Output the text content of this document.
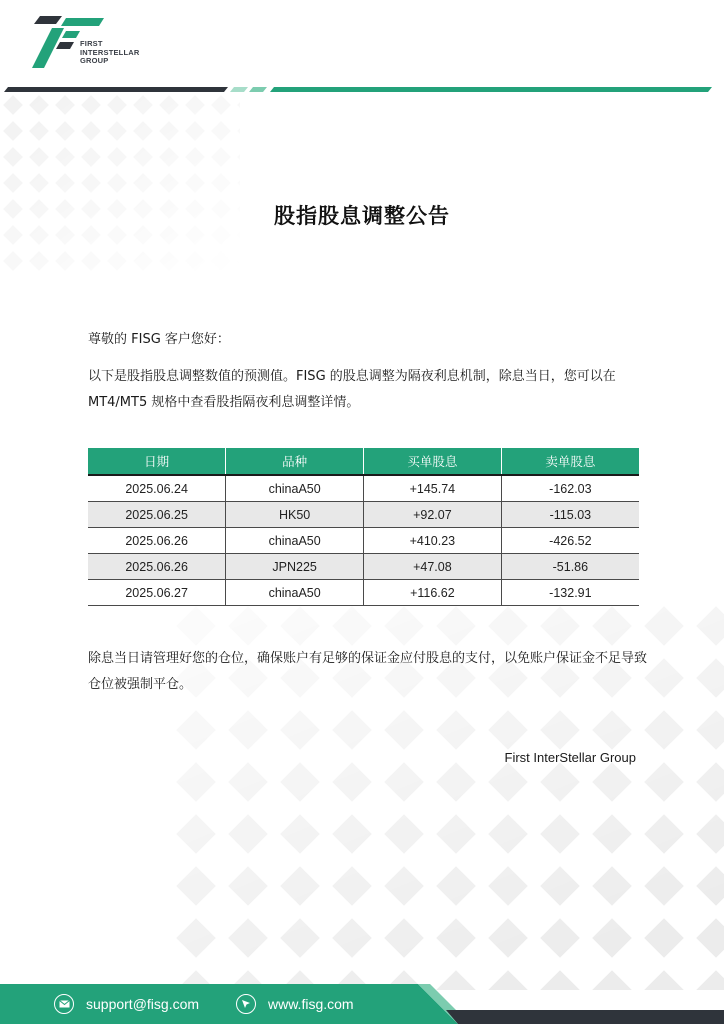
FIRST
INTERSTELLAR
GROUP
股指股息调整公告
尊敬的 FISG 客户您好：
以下是股指股息调整数值的预测值。FISG 的股息调整为隔夜利息机制，除息当日，您可以在 MT4/MT5 规格中查看股指隔夜利息调整详情。
日期	品种	买单股息	卖单股息
2025.06.24	chinaA50	+145.74	-162.03
2025.06.25	HK50	+92.07	-115.03
2025.06.26	chinaA50	+410.23	-426.52
2025.06.26	JPN225	+47.08	-51.86
2025.06.27	chinaA50	+116.62	-132.91
除息当日请管理好您的仓位，确保账户有足够的保证金应付股息的支付，以免账户保证金不足导致仓位被强制平仓。
First InterStellar Group
support@fisg.com	www.fisg.com
